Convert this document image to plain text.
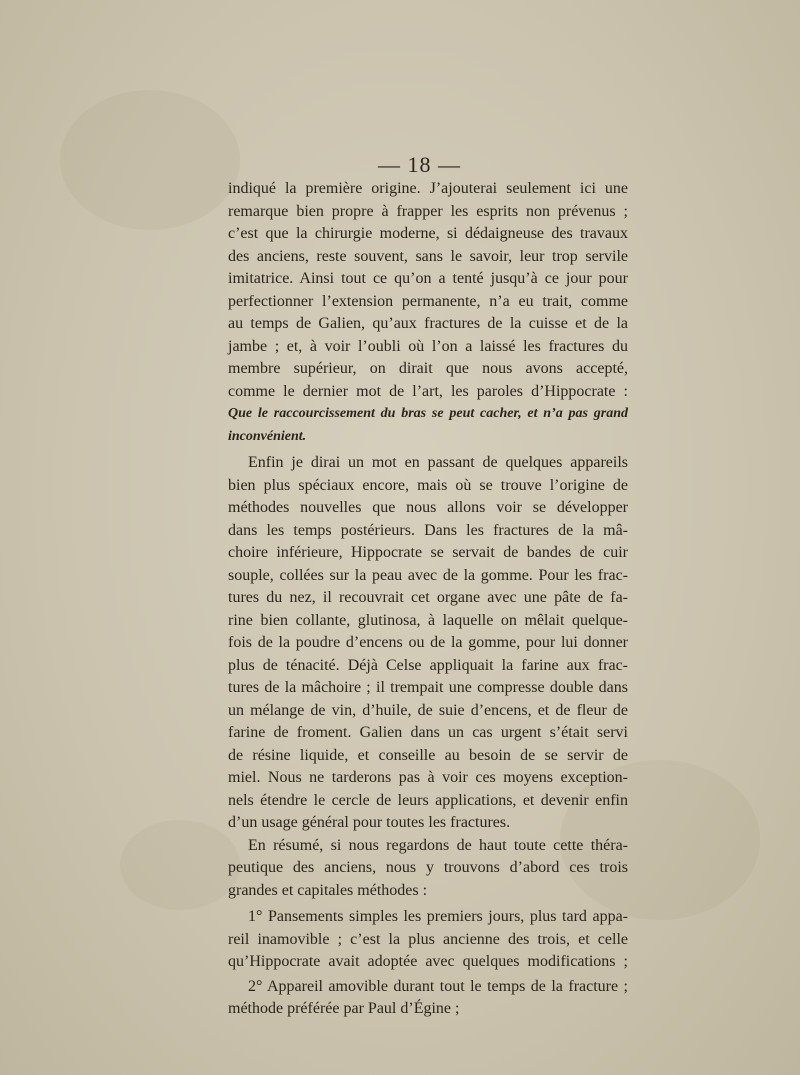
— 18 —
indiqué la première origine. J’ajouterai seulement ici une
remarque bien propre à frapper les esprits non prévenus ;
c’est que la chirurgie moderne, si dédaigneuse des travaux
des anciens, reste souvent, sans le savoir, leur trop servile
imitatrice. Ainsi tout ce qu’on a tenté jusqu’à ce jour pour
perfectionner l’extension permanente, n’a eu trait, comme
au temps de Galien, qu’aux fractures de la cuisse et de la
jambe ; et, à voir l’oubli où l’on a laissé les fractures du
membre supérieur, on dirait que nous avons accepté,
comme le dernier mot de l’art, les paroles d’Hippocrate :
Que le raccourcissement du bras se peut cacher, et n’a pas grand
inconvénient.
Enfin je dirai un mot en passant de quelques appareils
bien plus spéciaux encore, mais où se trouve l’origine de
méthodes nouvelles que nous allons voir se développer
dans les temps postérieurs. Dans les fractures de la mâ-
choire inférieure, Hippocrate se servait de bandes de cuir
souple, collées sur la peau avec de la gomme. Pour les frac-
tures du nez, il recouvrait cet organe avec une pâte de fa-
rine bien collante, glutinosa, à laquelle on mêlait quelque-
fois de la poudre d’encens ou de la gomme, pour lui donner
plus de ténacité. Déjà Celse appliquait la farine aux frac-
tures de la mâchoire ; il trempait une compresse double dans
un mélange de vin, d’huile, de suie d’encens, et de fleur de
farine de froment. Galien dans un cas urgent s’était servi
de résine liquide, et conseille au besoin de se servir de
miel. Nous ne tarderons pas à voir ces moyens exception-
nels étendre le cercle de leurs applications, et devenir enfin
d’un usage général pour toutes les fractures.
En résumé, si nous regardons de haut toute cette théra-
peutique des anciens, nous y trouvons d’abord ces trois
grandes et capitales méthodes :
1° Pansements simples les premiers jours, plus tard appa-
reil inamovible ; c’est la plus ancienne des trois, et celle
qu’Hippocrate avait adoptée avec quelques modifications ;
2° Appareil amovible durant tout le temps de la fracture ;
méthode préférée par Paul d’Égine ;
